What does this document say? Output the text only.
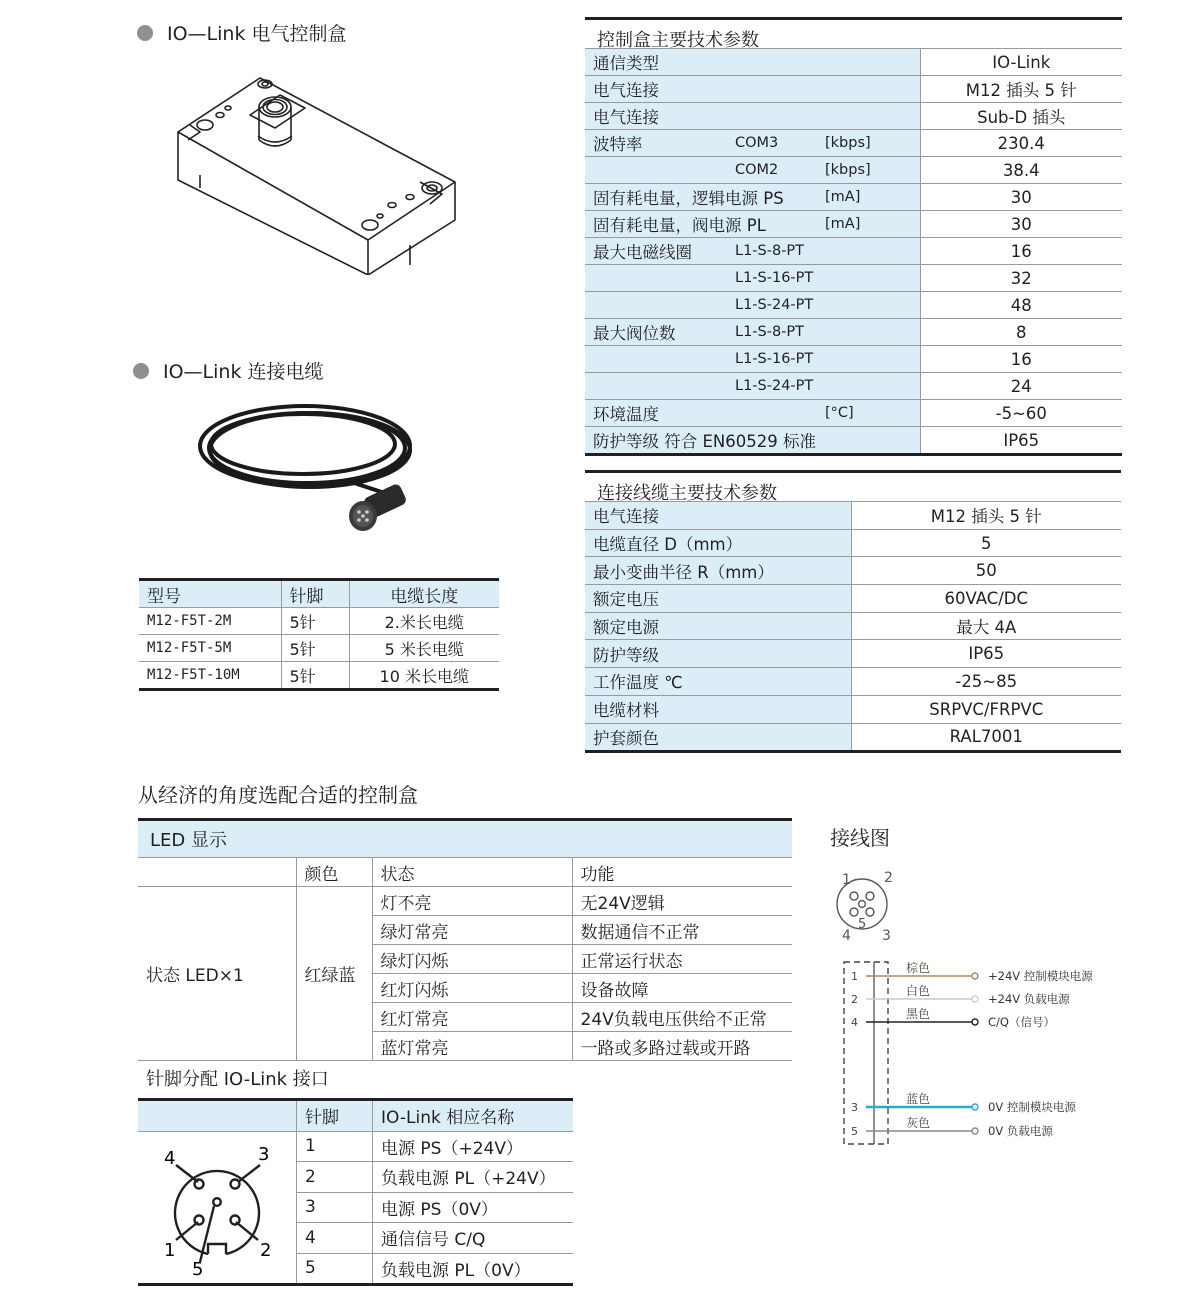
IO—Link 电气控制盒
IO—Link 连接电缆
型号	针脚	电缆长度
M12-F5T-2M	5针	2.米长电缆
M12-F5T-5M	5针	5 米长电缆
M12-F5T-10M	5针	10 米长电缆
控制盒主要技术参数
通信类型			IO-Link
电气连接			M12 插头 5 针
电气连接			Sub-D 插头
波特率	COM3	[kbps]	230.4
	COM2	[kbps]	38.4
固有耗电量，逻辑电源 PS		[mA]	30
固有耗电量，阀电源 PL		[mA]	30
最大电磁线圈	L1-S-8-PT		16
	L1-S-16-PT		32
	L1-S-24-PT		48
最大阀位数	L1-S-8-PT		8
	L1-S-16-PT		16
	L1-S-24-PT		24
环境温度		[°C]	-5~60
防护等级 符合 EN60529 标准			IP65
连接线缆主要技术参数
电气连接	M12 插头 5 针
电缆直径 D（mm）	5
最小变曲半径 R（mm）	50
额定电压	60VAC/DC
额定电源	最大 4A
防护等级	IP65
工作温度 ℃	-25~85
电缆材料	SRPVC/FRPVC
护套颜色	RAL7001
从经济的角度选配合适的控制盒
LED 显示			
	颜色	状态	功能
状态 LED×1	红绿蓝	灯不亮	无24V逻辑
		绿灯常亮	数据通信不正常
		绿灯闪烁	正常运行状态
		红灯闪烁	设备故障
		红灯常亮	24V负载电压供给不正常
		蓝灯常亮	一路或多路过载或开路
针脚分配 IO-Link 接口			
	针脚	IO-Link 相应名称

4 3
1 2
5	1	电源 PS（+24V）
	2	负载电源 PL（+24V）
	3	电源 PS（0V）
	4	通信信号 C/Q
	5	负载电源 PL（0V）
接线图
1 2
4 3
5
1
棕色
+24V 控制模块电源
2
白色
+24V 负载电源
4
黑色
C/Q（信号）
3
蓝色
0V 控制模块电源
5
灰色
0V 负载电源
